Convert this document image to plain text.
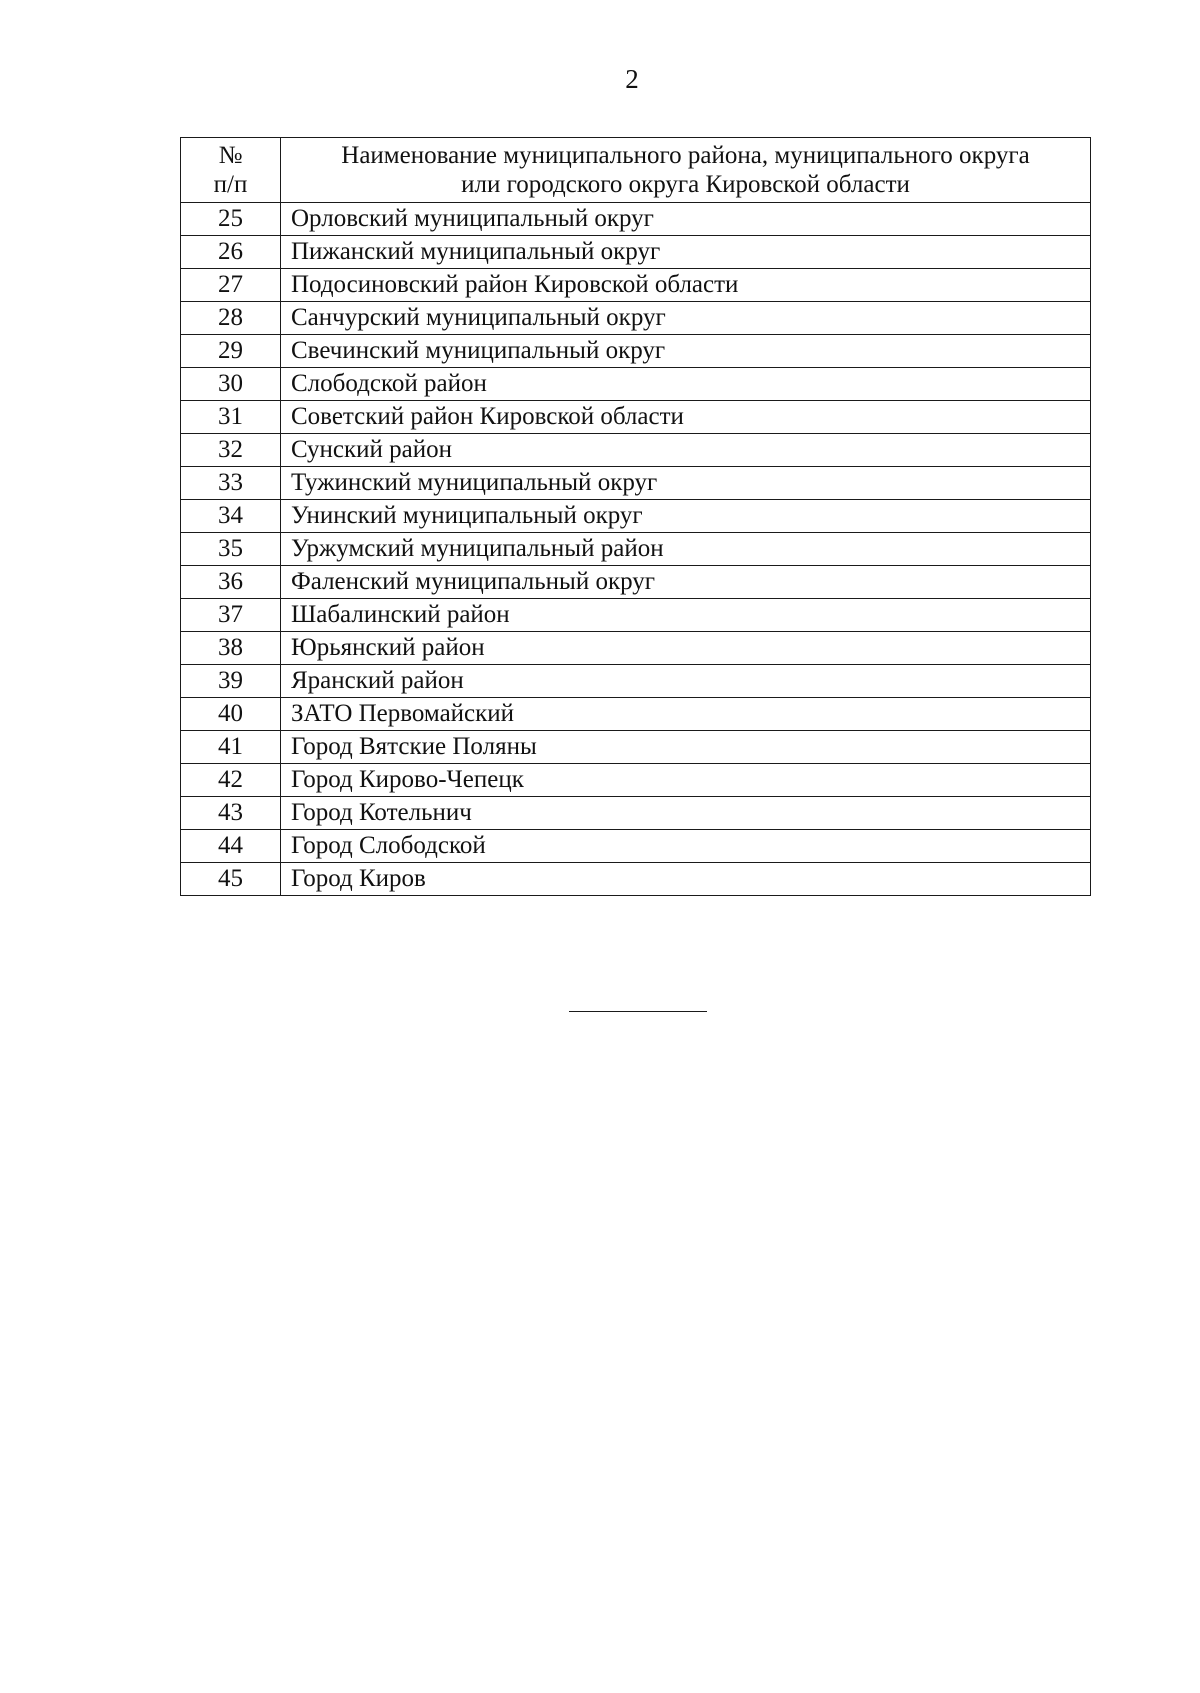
2
№
п/п	Наименование муниципального района, муниципального округа
или городского округа Кировской области

25	Орловский муниципальный округ
26	Пижанский муниципальный округ
27	Подосиновский район Кировской области
28	Санчурский муниципальный округ
29	Свечинский муниципальный округ
30	Слободской район
31	Советский район Кировской области
32	Сунский район
33	Тужинский муниципальный округ
34	Унинский муниципальный округ
35	Уржумский муниципальный район
36	Фаленский муниципальный округ
37	Шабалинский район
38	Юрьянский район
39	Яранский район
40	ЗАТО Первомайский
41	Город Вятские Поляны
42	Город Кирово-Чепецк
43	Город Котельнич
44	Город Слободской
45	Город Киров
